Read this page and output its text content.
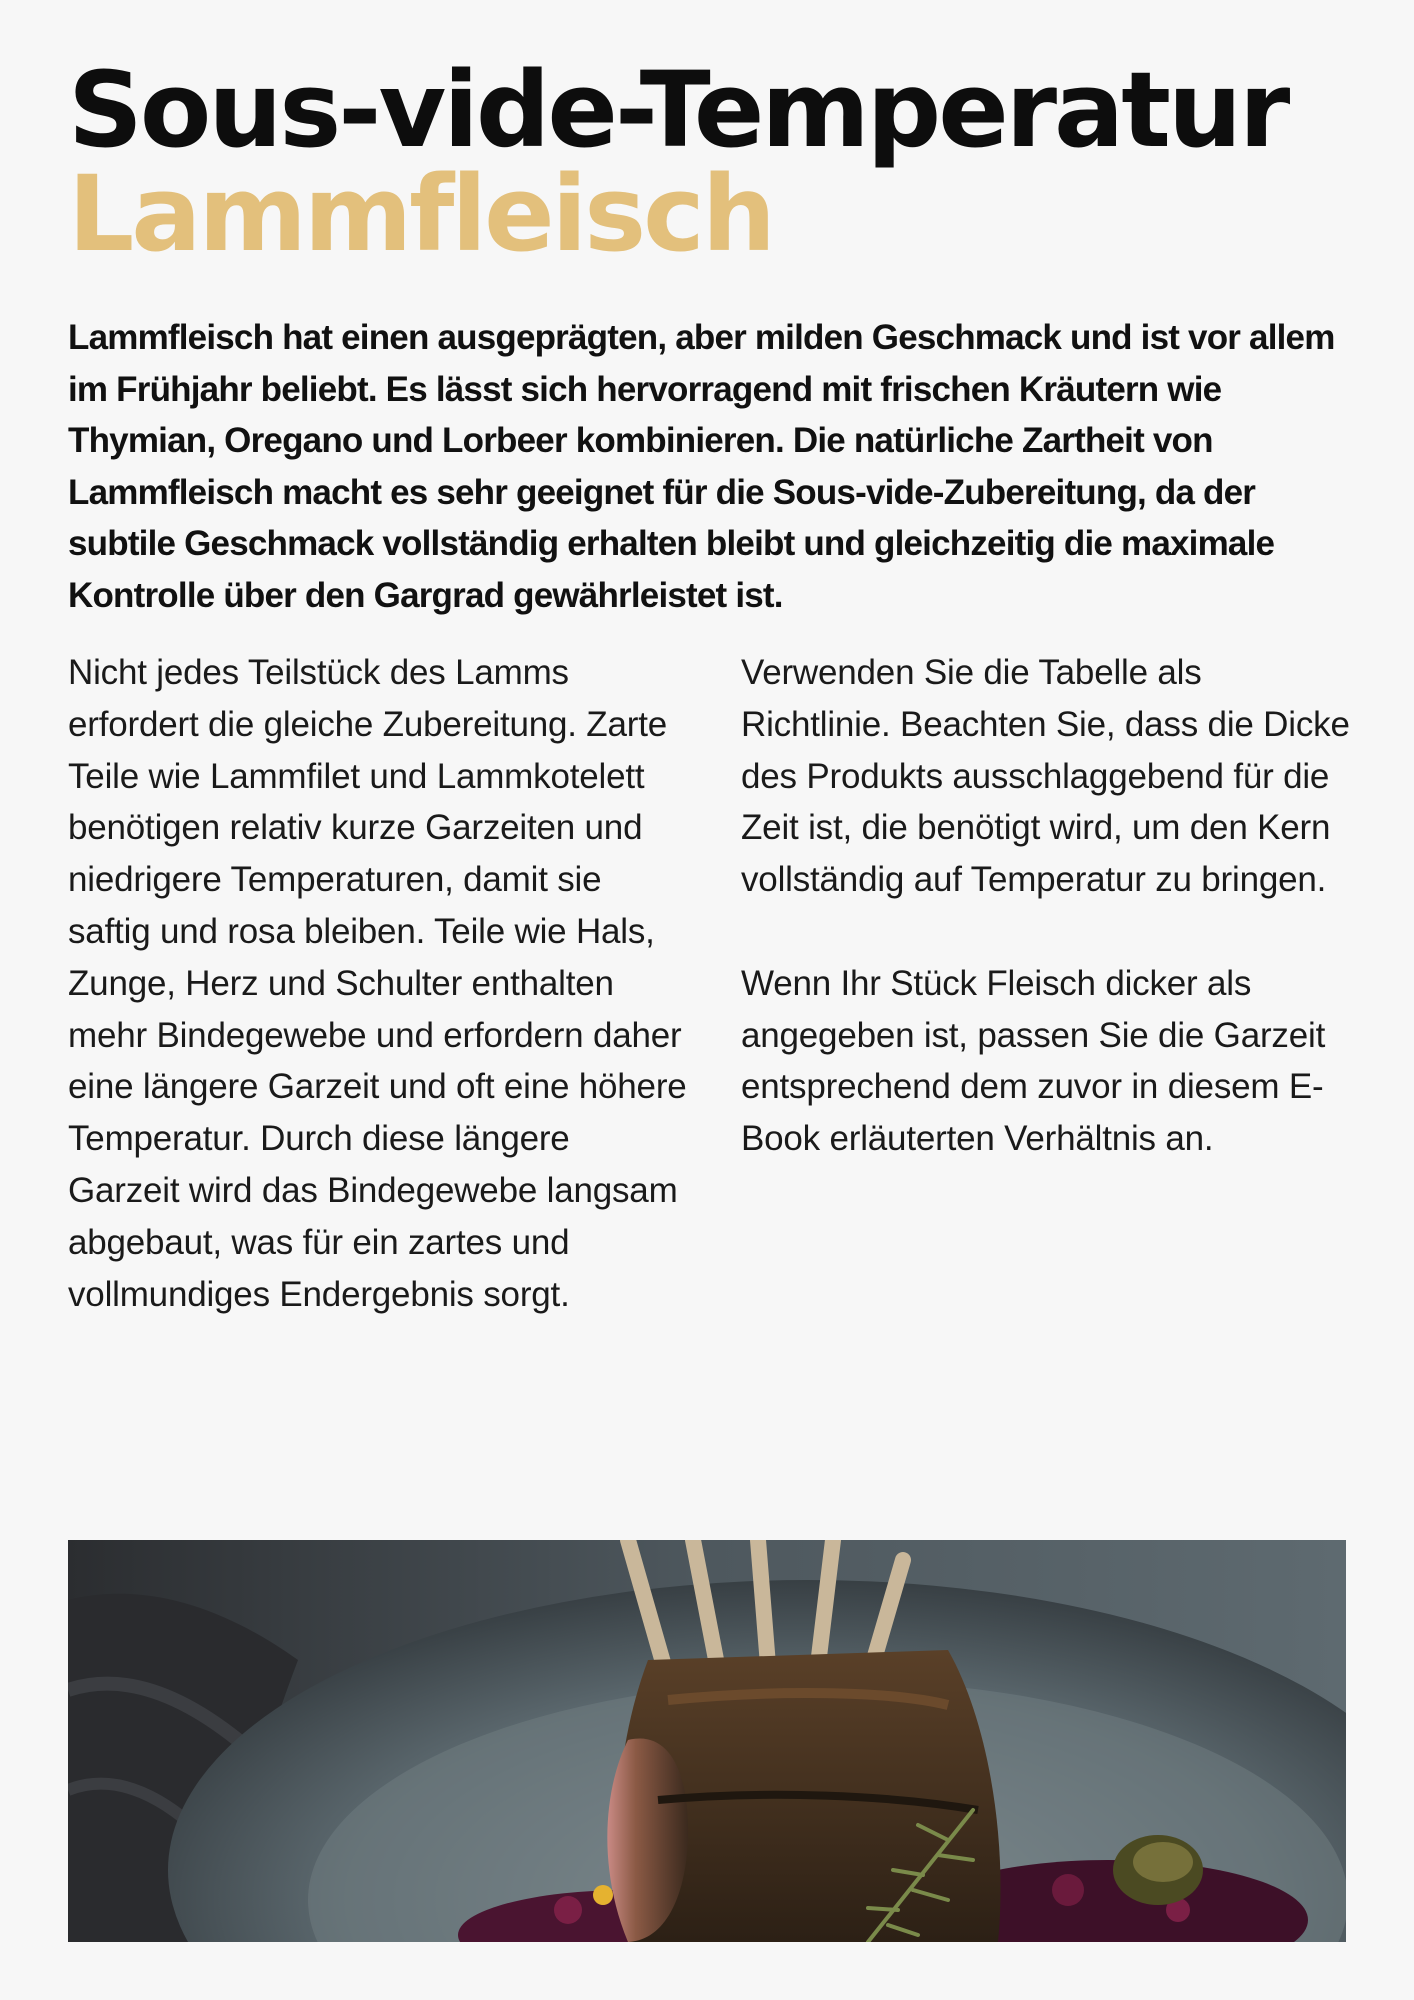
Sous-vide-Temperatur
Lammfleisch

Lammfleisch hat einen ausgeprägten, aber milden Geschmack und ist vor allem im Frühjahr beliebt. Es lässt sich hervorragend mit frischen Kräutern wie Thymian, Oregano und Lorbeer kombinieren. Die natürliche Zartheit von Lammfleisch macht es sehr geeignet für die Sous-vide-Zubereitung, da der subtile Geschmack vollständig erhalten bleibt und gleichzeitig die maximale Kontrolle über den Gargrad gewährleistet ist.

Nicht jedes Teilstück des Lamms erfordert die gleiche Zubereitung. Zarte Teile wie Lammfilet und Lammkotelett benötigen relativ kurze Garzeiten und niedrigere Temperaturen, damit sie saftig und rosa bleiben. Teile wie Hals, Zunge, Herz und Schulter enthalten mehr Bindegewebe und erfordern daher eine längere Garzeit und oft eine höhere Temperatur. Durch diese längere Garzeit wird das Bindegewebe langsam abgebaut, was für ein zartes und vollmundiges Endergebnis sorgt.

Verwenden Sie die Tabelle als Richtlinie. Beachten Sie, dass die Dicke des Produkts ausschlaggebend für die Zeit ist, die benötigt wird, um den Kern vollständig auf Temperatur zu bringen.

Wenn Ihr Stück Fleisch dicker als angegeben ist, passen Sie die Garzeit entsprechend dem zuvor in diesem E-Book erläuterten Verhältnis an.
